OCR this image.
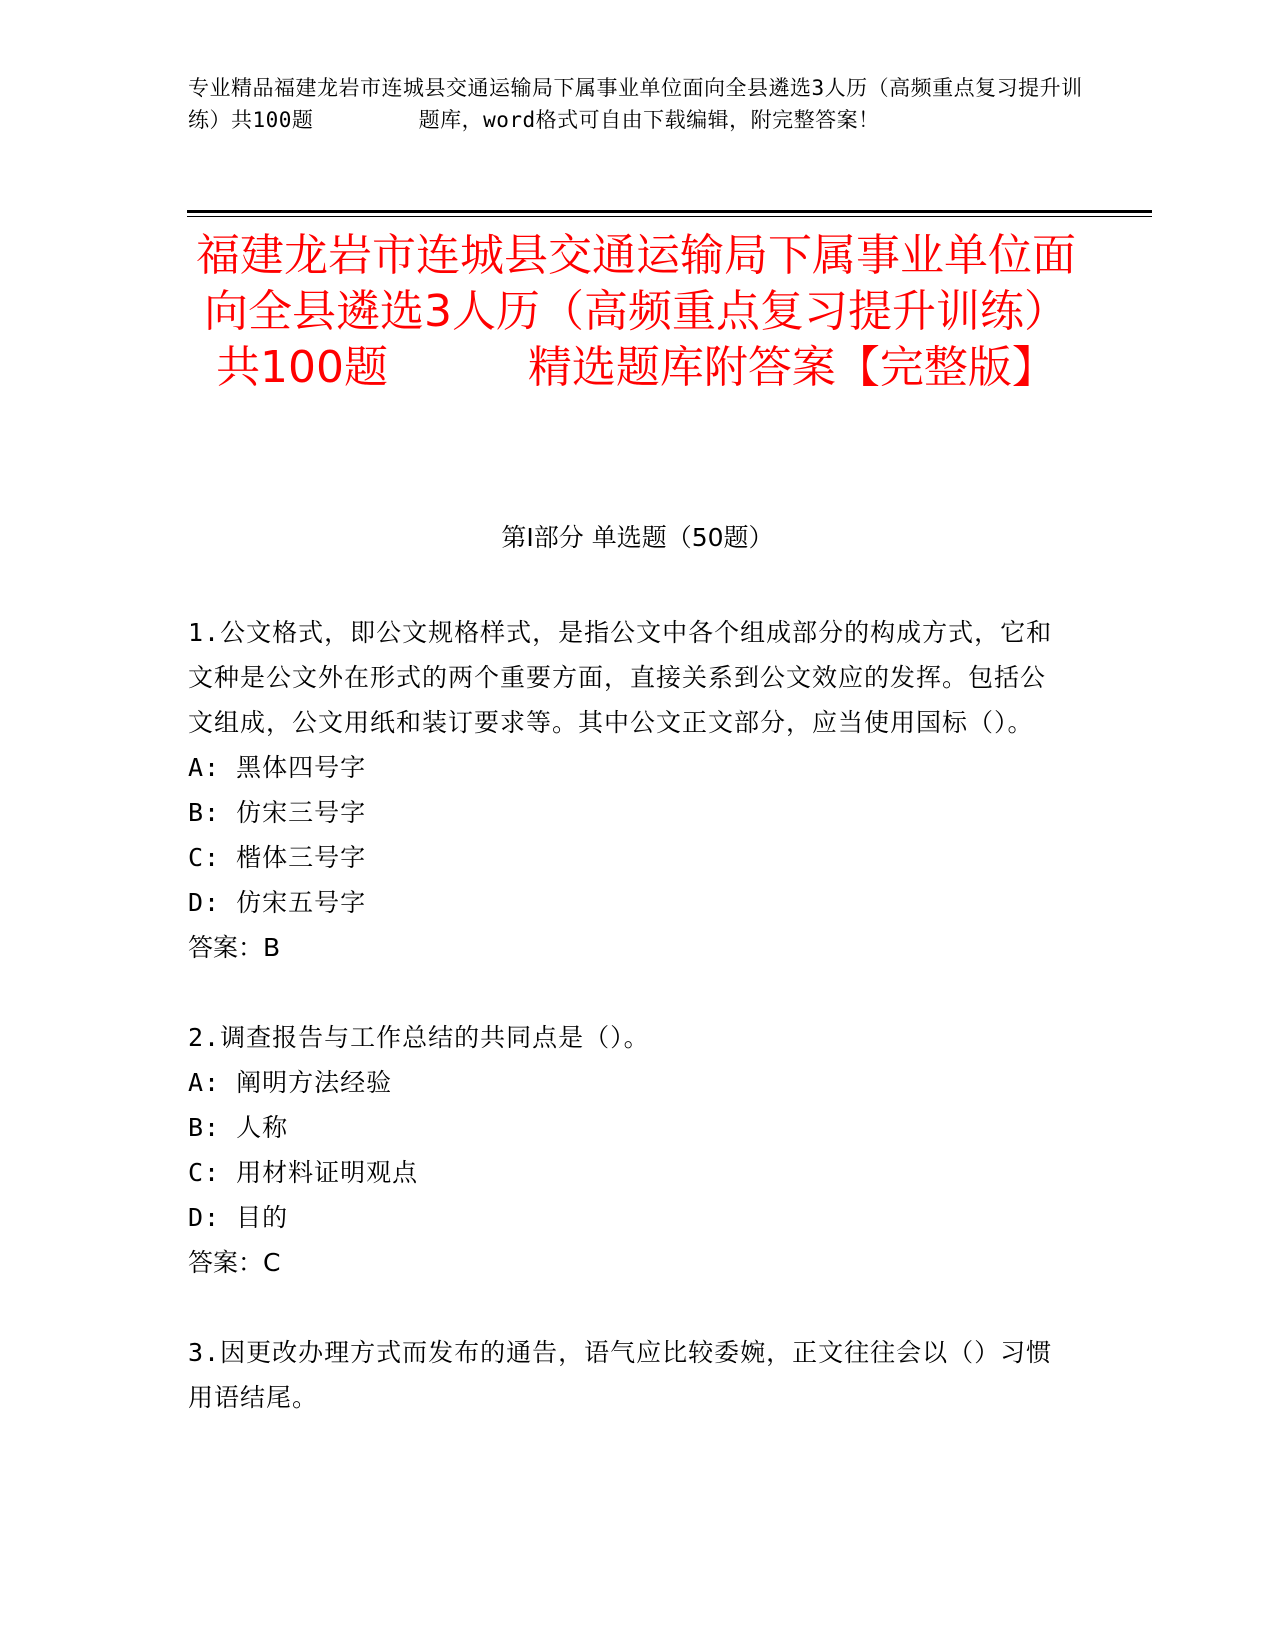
专业精品福建龙岩市连城县交通运输局下属事业单位面向全县遴选3人历（高频重点复习提升训练）共100题        题库，word格式可自由下载编辑，附完整答案！
福建龙岩市连城县交通运输局下属事业单位面向全县遴选3人历（高频重点复习提升训练）共100题          精选题库附答案【完整版】
第I部分 单选题（50题）

1.公文格式，即公文规格样式，是指公文中各个组成部分的构成方式，它和文种是公文外在形式的两个重要方面，直接关系到公文效应的发挥。包括公文组成，公文用纸和装订要求等。其中公文正文部分，应当使用国标（）。

A: 黑体四号字

B: 仿宋三号字

C: 楷体三号字

D: 仿宋五号字

答案：B

2.调查报告与工作总结的共同点是（）。

A: 阐明方法经验

B: 人称

C: 用材料证明观点

D: 目的

答案：C

3.因更改办理方式而发布的通告，语气应比较委婉，正文往往会以（）习惯用语结尾。
